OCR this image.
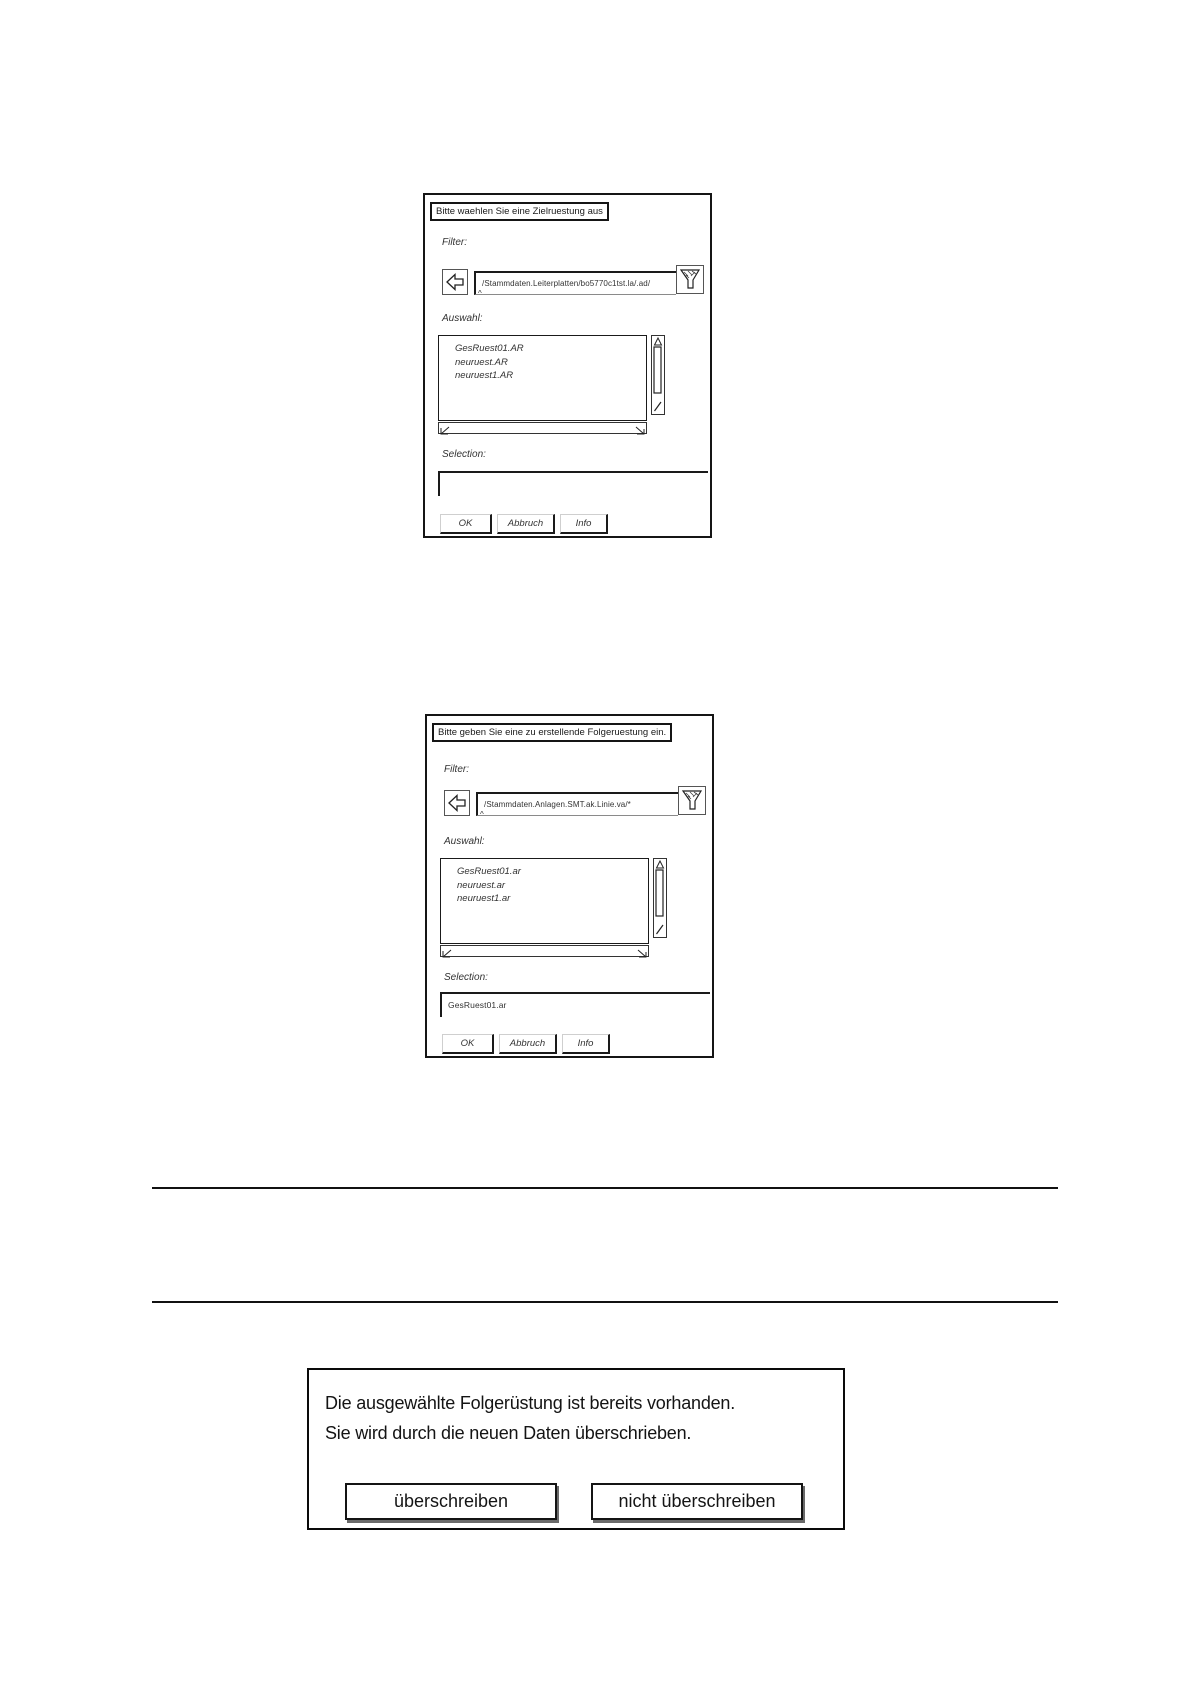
Bitte waehlen Sie eine Zielruestung aus
Filter:
/Stammdaten.Leiterplatten/bo5770c1tst.la/.ad/
^
Auswahl:
GesRuest01.AR
neuruest.AR
neuruest1.AR
Selection:
OK	Abbruch	Info
Bitte geben Sie eine zu erstellende Folgeruestung ein.
Filter:
/Stammdaten.Anlagen.SMT.ak.Linie.va/*
^
Auswahl:
GesRuest01.ar
neuruest.ar
neuruest1.ar
Selection:
GesRuest01.ar
OK	Abbruch	Info
Die ausgewählte Folgerüstung ist bereits vorhanden.
Sie wird durch die neuen Daten überschrieben.
überschreiben	nicht überschreiben
